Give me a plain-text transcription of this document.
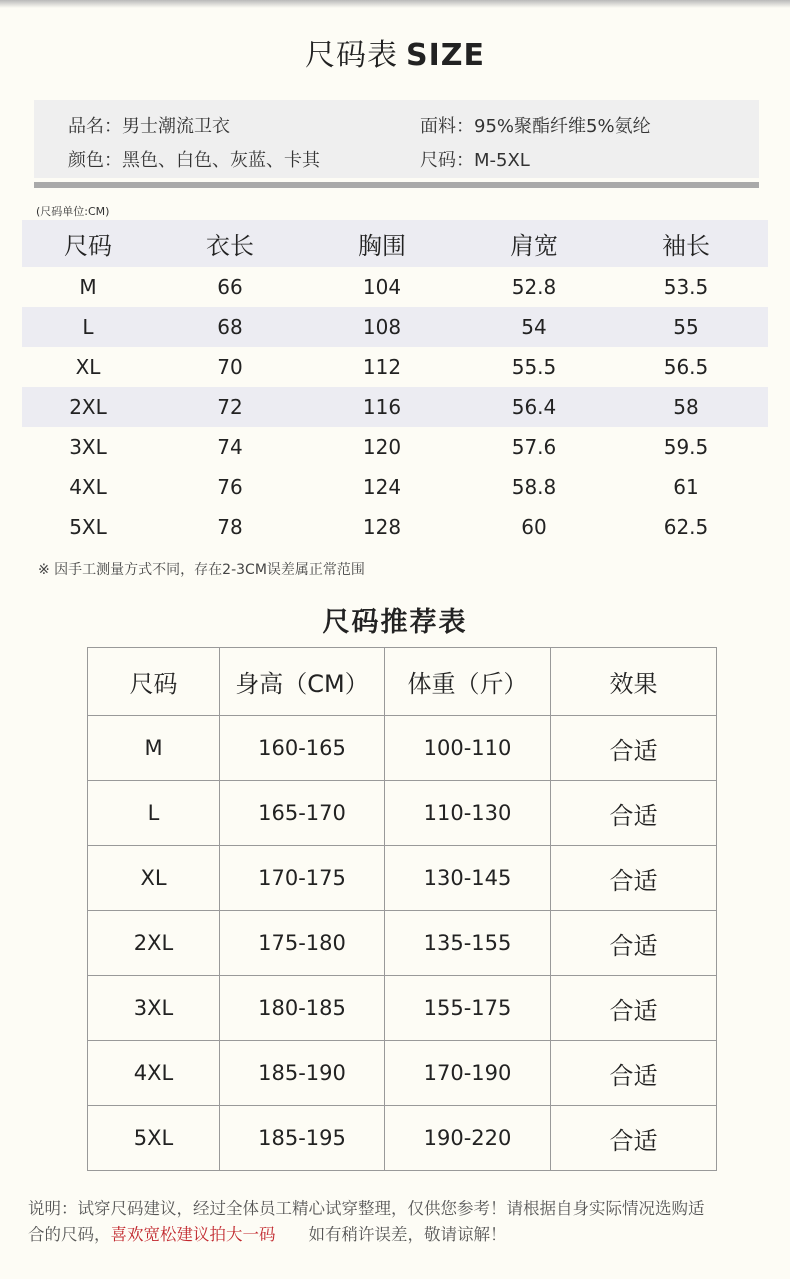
尺码表 SIZE
品名：男士潮流卫衣	面料：95%聚酯纤维5%氨纶
颜色：黑色、白色、灰蓝、卡其	尺码：M-5XL
(尺码单位:CM)
尺码	衣长	胸围	肩宽	袖长
M	66	104	52.8	53.5
L	68	108	54	55
XL	70	112	55.5	56.5
2XL	72	116	56.4	58
3XL	74	120	57.6	59.5
4XL	76	124	58.8	61
5XL	78	128	60	62.5
※ 因手工测量方式不同，存在2-3CM误差属正常范围
尺码推荐表
尺码	身高（CM）	体重（斤）	效果
M	160-165	100-110	合适
L	165-170	110-130	合适
XL	170-175	130-145	合适
2XL	175-180	135-155	合适
3XL	180-185	155-175	合适
4XL	185-190	170-190	合适
5XL	185-195	190-220	合适
说明：试穿尺码建议，经过全体员工精心试穿整理，仅供您参考！请根据自身实际情况选购适
合的尺码，喜欢宽松建议拍大一码　　如有稍许误差，敬请谅解！
